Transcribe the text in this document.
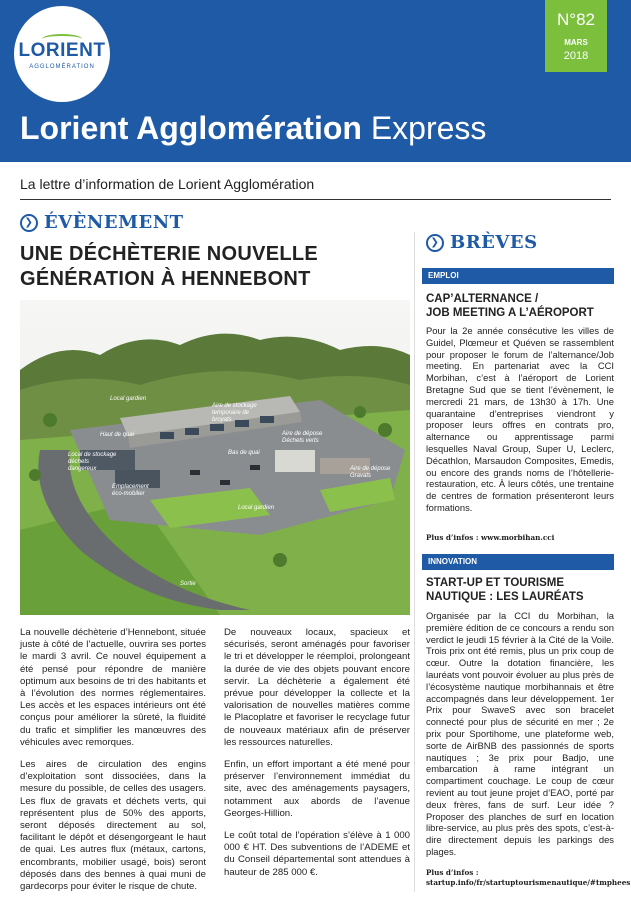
LORIENT
AGGLOMÉRATION
N°82
MARS
2018
Lorient Agglomération Express
La lettre d’information de Lorient Agglomération
❯ ÉVÈNEMENT
UNE DÉCHÈTERIE NOUVELLE
GÉNÉRATION À HENNEBONT
Local gardien
Aire de stockage temporaire de broyats
Haut de quai
Local de stockage déchets dangereux
Bas de quai
Aire de dépose Déchets verts
Aire de dépose Gravats
Emplacement éco-mobilier
Local gardien
Sortie

La nouvelle déchèterie d’Hennebont, située juste à côté de l’actuelle, ouvrira ses portes le mardi 3 avril. Ce nouvel équipement a été pensé pour répondre de manière optimum aux besoins de tri des habitants et à l’évolution des normes réglementaires. Les accès et les espaces intérieurs ont été conçus pour améliorer la sûreté, la fluidité du trafic et simplifier les manœuvres des véhicules avec remorques.

Les aires de circulation des engins d’exploitation sont dissociées, dans la mesure du possible, de celles des usagers. Les flux de gravats et déchets verts, qui représentent plus de 50% des apports, seront déposés directement au sol, facilitant le dépôt et désengorgeant le haut de quai. Les autres flux (métaux, cartons, encombrants, mobilier usagé, bois) seront déposés dans des bennes à quai muni de gardecorps pour éviter le risque de chute.

De nouveaux locaux, spacieux et sécurisés, seront aménagés pour favoriser le tri et développer le réemploi, prolongeant la durée de vie des objets pouvant encore servir. La déchèterie a également été prévue pour développer la collecte et la valorisation de nouvelles matières comme le Placoplatre et favoriser le recyclage futur de nouveaux matériaux afin de préserver les ressources naturelles.

Enfin, un effort important a été mené pour préserver l’environnement immédiat du site, avec des aménagements paysagers, notamment aux abords de l’avenue Georges-Hillion.

Le coût total de l’opération s’élève à 1 000 000 € HT. Des subventions de l’ADEME et du Conseil départemental sont attendues à hauteur de 285 000 €.

❯ BRÈVES
EMPLOI
CAP’ALTERNANCE /
JOB MEETING A L’AÉROPORT
Pour la 2e année consécutive les villes de Guidel, Plœmeur et Quéven se rassemblent pour proposer le forum de l’alternance/Job meeting. En partenariat avec la CCI Morbihan, c’est à l’aéroport de Lorient Bretagne Sud que se tient l’évènement, le mercredi 21 mars, de 13h30 à 17h. Une quarantaine d’entreprises viendront y proposer leurs offres en contrats pro, alternance ou apprentissage parmi lesquelles Naval Group, Super U, Leclerc, Décathlon, Marsaudon Composites, Emedis, ou encore des grands noms de l’hôtellerie-restauration, etc. À leurs côtés, une trentaine de centres de formation présenteront leurs formations.
Plus d’infos : www.morbihan.cci
INNOVATION
START-UP ET TOURISME
NAUTIQUE : LES LAURÉATS
Organisée par la CCI du Morbihan, la première édition de ce concours a rendu son verdict le jeudi 15 février à la Cité de la Voile. Trois prix ont été remis, plus un prix coup de cœur. Outre la dotation financière, les lauréats vont pouvoir évoluer au plus près de l’écosystème nautique morbihannais et être accompagnés dans leur développement. 1er Prix pour SwaveS avec son bracelet connecté pour plus de sécurité en mer ; 2e prix pour Sportihome, une plateforme web, sorte de AirBNB des passionnés de sports nautiques ; 3e prix pour Badjo, une embarcation à rame intégrant un compartiment couchage. Le coup de cœur revient au tout jeune projet d’EAO, porté par deux frères, fans de surf. Leur idée ? Proposer des planches de surf en location libre-service, au plus près des spots, c’est-à-dire directement depuis les parkings des plages.
Plus d’infos :
startup.info/fr/startuptourismenautique/#tmphees
